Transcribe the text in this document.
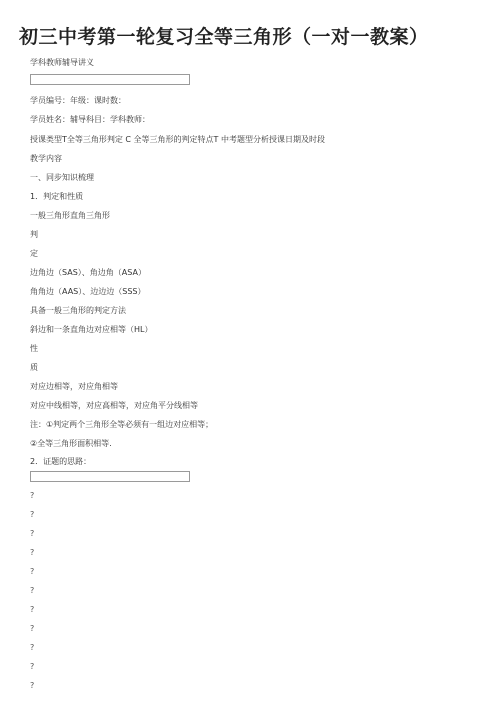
初三中考第一轮复习全等三角形（一对一教案）
学科教师辅导讲义
学员编号：年级：课时数：
学员姓名：辅导科目：学科教师：
授课类型T全等三角形判定 C 全等三角形的判定特点T 中考题型分析授课日期及时段
教学内容
一、同步知识梳理
1．判定和性质
一般三角形直角三角形
判
定
边角边（SAS）、角边角（ASA）
角角边（AAS）、边边边（SSS）
具备一般三角形的判定方法
斜边和一条直角边对应相等（HL）
性
质
对应边相等，对应角相等
对应中线相等，对应高相等，对应角平分线相等
注：①判定两个三角形全等必须有一组边对应相等；
②全等三角形面积相等.
2．证题的思路：
?
?
?
?
?
?
?
?
?
?
?
